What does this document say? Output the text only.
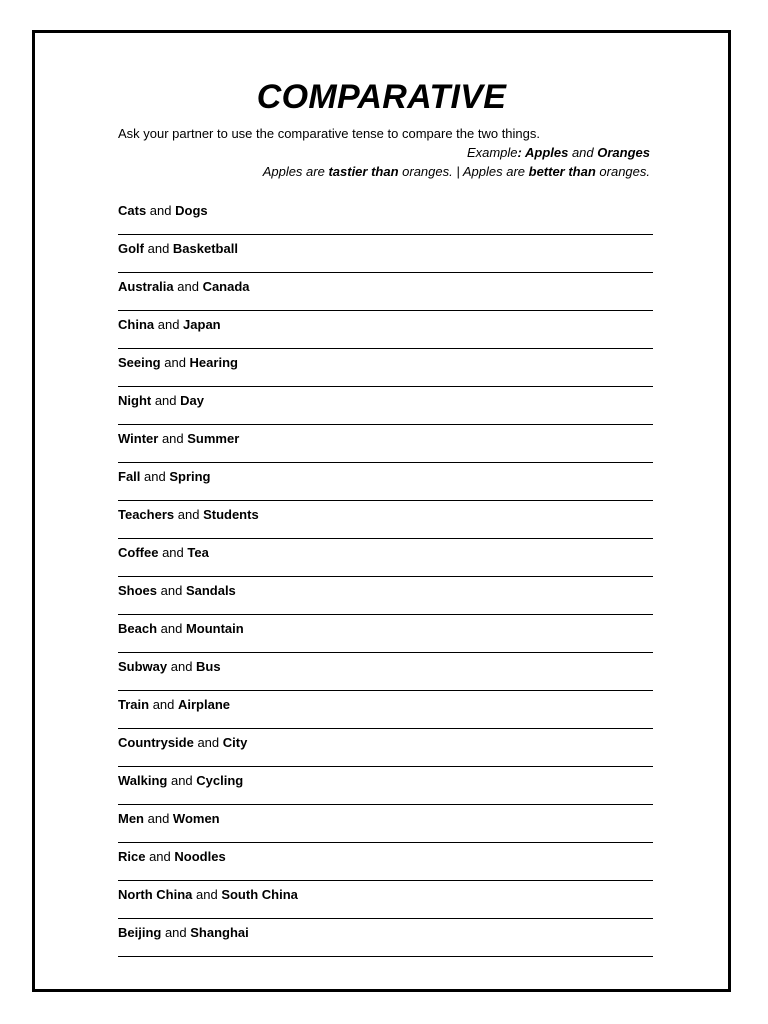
COMPARATIVE
Ask your partner to use the comparative tense to compare the two things.
Example: Apples and Oranges
Apples are tastier than oranges. | Apples are better than oranges.
Cats and Dogs
Golf and Basketball
Australia and Canada
China and Japan
Seeing and Hearing
Night and Day
Winter and Summer
Fall and Spring
Teachers and Students
Coffee and Tea
Shoes and Sandals
Beach and Mountain
Subway and Bus
Train and Airplane
Countryside and City
Walking and Cycling
Men and Women
Rice and Noodles
North China and South China
Beijing and Shanghai
